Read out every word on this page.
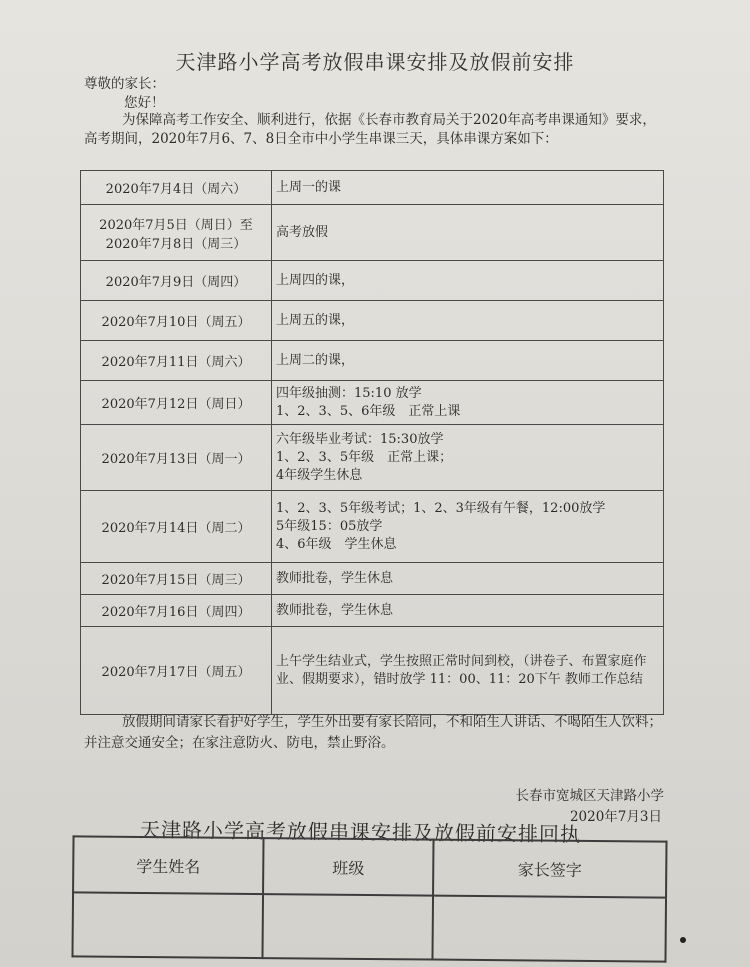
天津路小学高考放假串课安排及放假前安排
尊敬的家长：
您好！
为保障高考工作安全、顺利进行，依据《长春市教育局关于2020年高考串课通知》要求，高考期间，2020年7月6、7、8日全市中小学生串课三天，具体串课方案如下：
2020年7月4日（周六）	上周一的课

2020年7月5日（周日）至
2020年7月8日（周三）	高考放假

2020年7月9日（周四）	上周四的课，

2020年7月10日（周五）	上周五的课，

2020年7月11日（周六）	上周二的课，

2020年7月12日（周日）	四年级抽测：15:10 放学
1、2、3、5、6年级　正常上课

2020年7月13日（周一）	六年级毕业考试：15:30放学
1、2、3、5年级　正常上课；
4年级学生休息

2020年7月14日（周二）	1、2、3、5年级考试；1、2、3年级有午餐，12:00放学
5年级15：05放学
4、6年级　学生休息

2020年7月15日（周三）	教师批卷，学生休息

2020年7月16日（周四）	教师批卷，学生休息

2020年7月17日（周五）	上午学生结业式，学生按照正常时间到校，（讲卷子、布置家庭作业、假期要求），错时放学 11：00、11：20下午 教师工作总结
放假期间请家长看护好学生，学生外出要有家长陪同，不和陌生人讲话、不喝陌生人饮料；并注意交通安全；在家注意防火、防电，禁止野浴。
长春市宽城区天津路小学
2020年7月3日
天津路小学高考放假串课安排及放假前安排回执
学生姓名	班级	家长签字
